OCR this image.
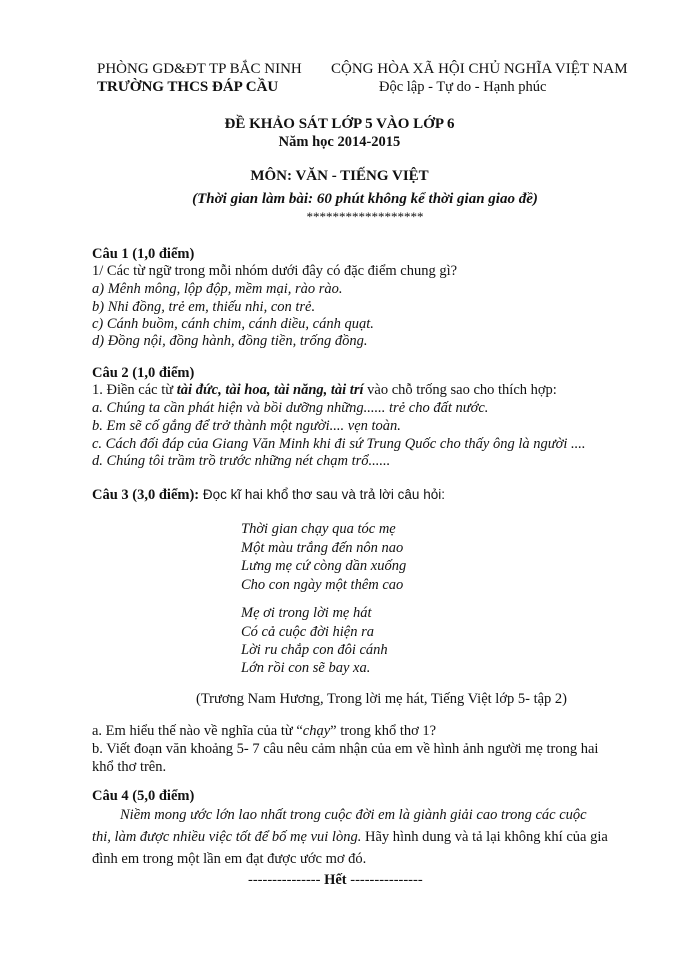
PHÒNG GD&ĐT TP BẮC NINH
TRƯỜNG THCS ĐÁP CẦU
CỘNG HÒA XÃ HỘI CHỦ NGHĨA VIỆT NAM
Độc lập - Tự do - Hạnh phúc
ĐỀ KHẢO SÁT LỚP 5 VÀO LỚP 6
Năm học 2014-2015
MÔN: VĂN - TIẾNG VIỆT
(Thời gian làm bài: 60 phút không kể thời gian giao đề)
******************
Câu 1 (1,0 điểm)
1/ Các từ ngữ trong mỗi nhóm dưới đây có đặc điểm chung gì?
a) Mênh mông, lộp độp, mềm mại, rào rào.
b) Nhi đồng, trẻ em, thiếu nhi, con trẻ.
c) Cánh buồm, cánh chim, cánh diều, cánh quạt.
d) Đồng nội, đồng hành, đồng tiền, trống đồng.
Câu 2 (1,0 điểm)
1. Điền các từ tài đức, tài hoa, tài năng, tài trí vào chỗ trống sao cho thích hợp:
a. Chúng ta cần phát hiện và bồi dưỡng những...... trẻ cho đất nước.
b. Em sẽ cố gắng để trở thành một người.... vẹn toàn.
c. Cách đối đáp của Giang Văn Minh khi đi sứ Trung Quốc cho thấy ông là người ....
d. Chúng tôi trầm trồ trước những nét chạm trổ......
Câu 3 (3,0 điểm): Đọc kĩ hai khổ thơ sau và trả lời câu hỏi:
Thời gian chạy qua tóc mẹ
Một màu trắng đến nôn nao
Lưng mẹ cứ còng dần xuống
Cho con ngày một thêm cao
Mẹ ơi trong lời mẹ hát
Có cả cuộc đời hiện ra
Lời ru chắp con đôi cánh
Lớn rồi con sẽ bay xa.
(Trương Nam Hương, Trong lời mẹ hát, Tiếng Việt lớp 5- tập 2)
a. Em hiểu thế nào về nghĩa của từ “chạy” trong khổ thơ 1?
b. Viết đoạn văn khoảng 5- 7 câu nêu cảm nhận của em về hình ảnh người mẹ trong hai
khổ thơ trên.
Câu 4 (5,0 điểm)
Niềm mong ước lớn lao nhất trong cuộc đời em là giành giải cao trong các cuộc
thi, làm được nhiều việc tốt để bố mẹ vui lòng. Hãy hình dung và tả lại không khí của gia
đình em trong một lần em đạt được ước mơ đó.
--------------- Hết ---------------
